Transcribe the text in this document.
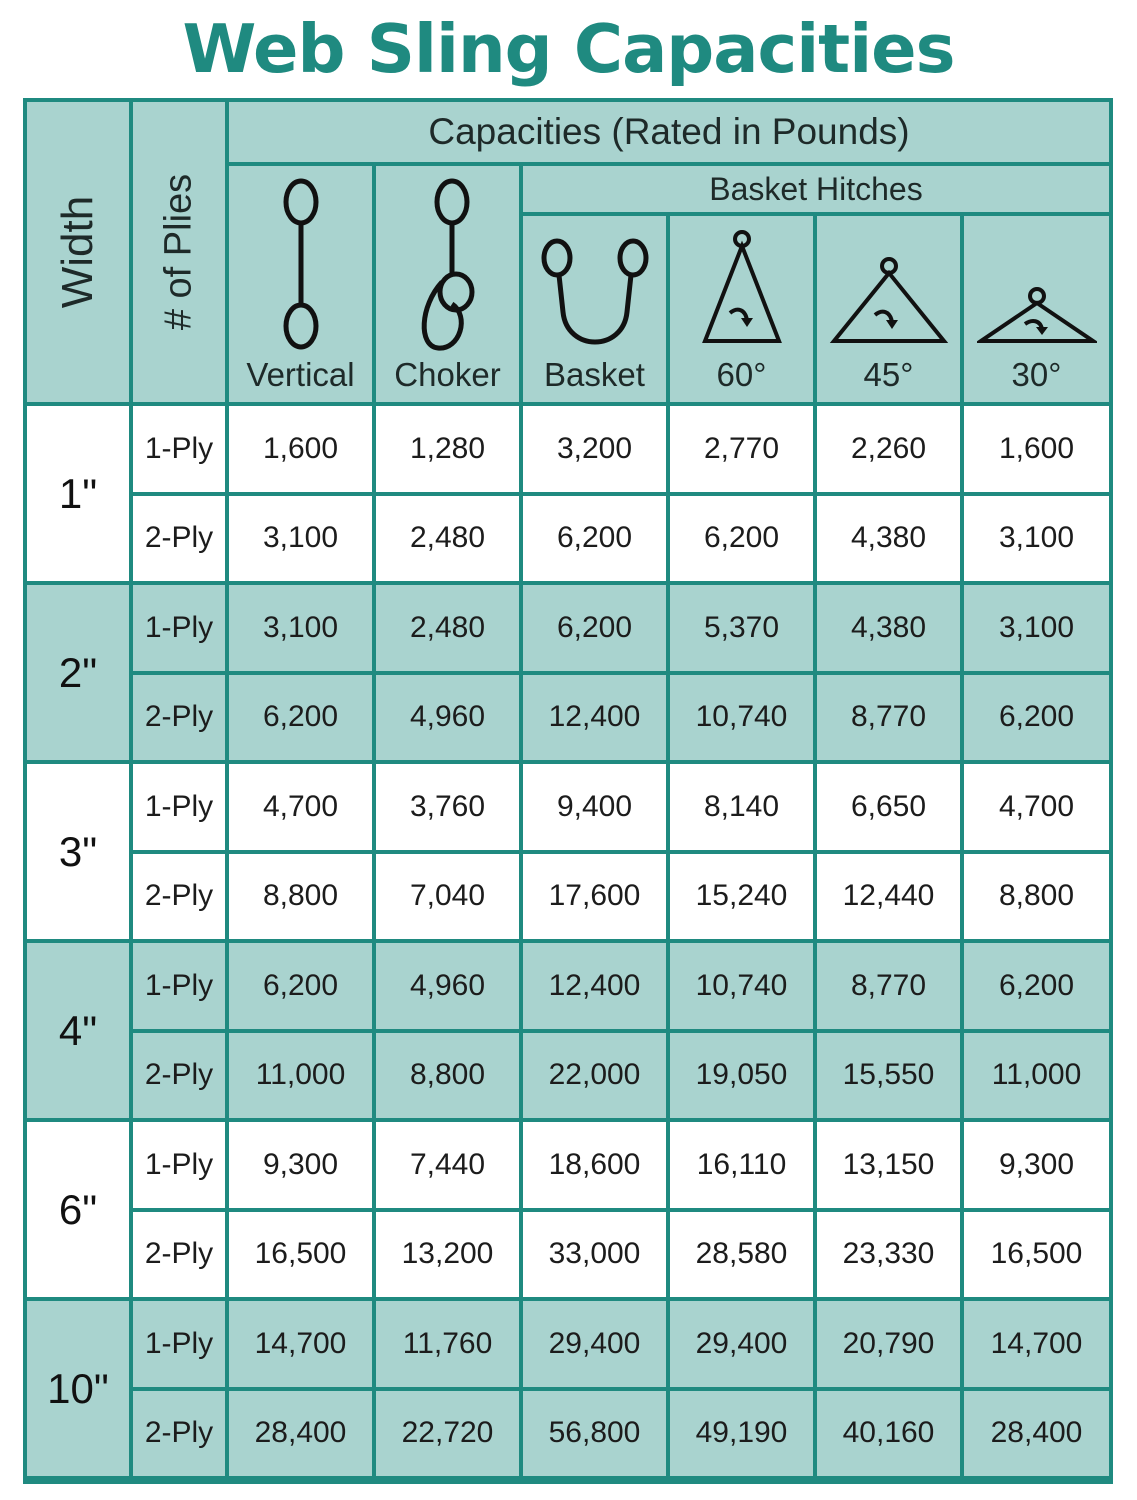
Web Sling Capacities
Width # of Plies
Capacities (Rated in Pounds)
Basket Hitches
Vertical	Choker	Basket	60°	45°	30°
1"
1-Ply	1,600	1,280	3,200	2,770	2,260	1,600
2-Ply	3,100	2,480	6,200	6,200	4,380	3,100
2"
1-Ply	3,100	2,480	6,200	5,370	4,380	3,100
2-Ply	6,200	4,960	12,400	10,740	8,770	6,200
3"
1-Ply	4,700	3,760	9,400	8,140	6,650	4,700
2-Ply	8,800	7,040	17,600	15,240	12,440	8,800
4"
1-Ply	6,200	4,960	12,400	10,740	8,770	6,200
2-Ply	11,000	8,800	22,000	19,050	15,550	11,000
6"
1-Ply	9,300	7,440	18,600	16,110	13,150	9,300
2-Ply	16,500	13,200	33,000	28,580	23,330	16,500
10"
1-Ply	14,700	11,760	29,400	29,400	20,790	14,700
2-Ply	28,400	22,720	56,800	49,190	40,160	28,400
